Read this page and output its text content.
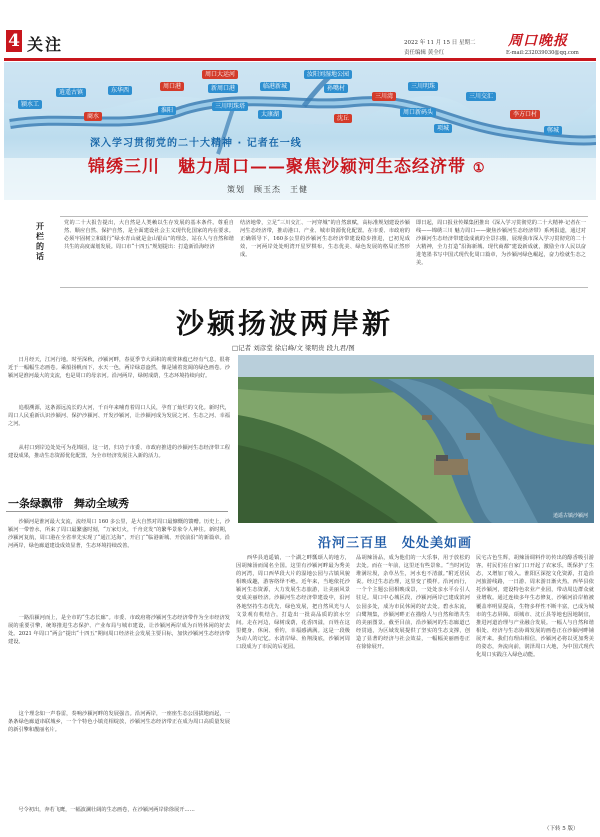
4 关注	2022 年 11 月 15 日 星期二
责任编辑 黄全红
周口晚报
E-mail:232039030@qq.com
周口大运河	汝阳刘湿地公园
逍遥古镇	东华西
周口港	新周口港	临港新城	孙嘴村
三川湾
三川明珠
三川交汇
三川明珠塔
颍水工
商水
淮阳
太康湖
沈丘
周口新码头	李方口村
项城	郸城
深入学习贯彻党的二十大精神 · 记者在一线
锦绣三川　魅力周口——聚焦沙颍河生态经济带 ①
策划　顾玉杰　王健
开栏的话
党的二十大报告提出，大自然是人类赖以生存发展的基本条件。尊重自然、顺应自然、保护自然，是全面建设社会主义现代化国家的内在要求。必须牢固树立和践行“绿水青山就是金山银山”的理念，站在人与自然和谐共生的高度谋划发展。周口市“十四五”规划提出：打造新沿海经济
结济地带，立足“三川交汇、一河穿城”的自然禀赋，高标准规划建设沙颍河生态经济带，推动港口、产业、城市资源优化配置。在市委、市政府的正确领导下，160多公里的沙颍河生态经济带建设稳步推进，已初见成效，一河两岸处处明湾开星罗棋布，生态优美、绿色发展的格局正然形成。
即日起，周口报业传媒集团推出《深入学习贯彻党的二十大精神·记者在一线——锦绣三川 魅力周口——聚焦沙颍河生态经济带》系列报道，通过对沙颍河生态经济带建设成就的全景扫描，展现我市深入学习贯彻党的二十大精神，全力打造“沿海新城、现代商都”建设新成就，激励全市人民以奋进笔墨书写中国式现代化周口篇章，为沙颍河绿色崛起，奋力绘就生态之美。
沙颍扬波两岸新
□记者 刘彦堂 徐启峰/文 梁明贵 段九君/图
　　日月经天，江河行地。时至深秋，沙颍河畔，春夏季节大面积的观赏林蕴已经有气息，很将近于一幅幅生态画卷。乘船扬帆而下，水天一色，两岸绿意盎然，像是铺着宽阔的绿色画卷。沙颍河是淮河最大的支流，也是周口的母亲河。沿河两岸，绿树成荫，生态环境持续向好。
　　追根溯源，这条源远流长的大河，千百年来哺育着周口人民，孕育了灿烂的文化。新时代，周口人民重新认识沙颍河、保护沙颍河、开发沙颍河，让沙颍河成为发展之河、生态之河、幸福之河。
　　从村口到岸边处处可为花锦园，这一切，归功于市委、市政府推进的沙颍河生态经济带工程建设成果，推动生态资源优化配置，为全市经济发展注入新的活力。
逍遥古镇沙颍河
沿河三百里　处处美如画
一条绿飘带　舞动全域秀
　　沙颍河是淮河最大支流，流经周口 160 多公里，是大自然对周口最慷慨的馈赠。历史上，沙颍河一带曾水，所来了周口最繁盛时刻，“万家灯火，千舟竞发”的繁华景象令人神往。新时期，沙颍河复航，周口港在全省率先实现了“通江达海”，开启了“临港新城、开放前沿”的新篇章。沿河两岸，绿色廊道建设成效显著，生态环境持续改善。
　　一路沿颍河而上，是全市的“生态长廊”。市委、市政府将沙颍河生态经济带作为全市经济发展的重要引擎，统筹推进生态保护、产业布局与城市建设，让沙颍河两岸成为百姓休闲的好去处。2021 年周口“两会”提出“十四五”期间周口经济社会发展主要目标，加快沙颍河生态经济带建设。
　　这个理念如一声春雷，奏响沙颍河畔的发展强音。沿河两岸，一座座生态公园拔地而起，一条条绿色廊道串联城乡，一个个特色小镇竞相绽放，沙颍河生态经济带正在成为周口高质量发展的新引擎和靓丽名片。
　　号令初出，奔若飞鹰，一幅波澜壮阔的生态画卷，在沙颍河两岸徐徐展开……
　　西华县逍遥镇，一个湖之畔瓢颂人的地方，因胡辣汤而闻名全国。这里有沙颍河畔最为秀美的河湾，周口西华段大片的湿地公园与古镇风貌相映成趣，游客络绎不绝。近年来，当地依托沙颍河生态资源，大力发展生态旅游，让美丽风景变成美丽经济。沙颍河生态经济带建设中，沿河各地坚持生态优先、绿色发展，把自然风光与人文景观有机结合，打造出一批高品质的滨水空间。走在河边，绿树成荫，花香四溢，百姓在这里健身、休闲、垂钓，幸福感满满。这是一段极为动人的记忆。水清岸绿、鱼翔浅底，沙颍河周口段成为了市民的后花园。
品胡辣汤品，成为他们的一大乐事，用于放松的去处。而在一年前，这里还有些景象。“当时河边堆满垃圾，杂草丛生，河水也不清澈。”附近居民说。经过生态治理，这里变了模样。沿河而行，一个个主题公园相映成景，一处处亲水平台引人驻足。周口中心城区段，沙颍河两岸已建成滨河公园多处，成为市民休闲的好去处。碧水东流，白鹭翔集，沙颍河畔正在描绘人与自然和谐共生的美丽图景。截至目前，沿沙颍河的生态廊道已经贯通，为区域发展提供了坚实的生态支撑，创造了显著的经济与社会效益，一幅幅美丽画卷正在徐徐展开。
民宅古色生辉，胡辣汤调料作坊传出的醇香吸引游客。村民们在自家门口开起了农家乐，既保护了生态，又增加了收入。淮阳区深挖文化资源，打造沿河旅游线路，一日游、周末游日渐火热。西华县依托沙颍河，建设特色农业产业园，带动周边群众就业增收。通过连续多年生态修复，沙颍河沿岸植被覆盖率明显提高，生物多样性不断丰富，已成为城市的生态屏障。项城市、沈丘县等地也因地制宜，推进河道治理与产业融合发展。一幅人与自然和谐相处、经济与生态协调发展的画卷正在沙颍河畔铺展开来。我们有理由相信，沙颍河必将以更加秀美的姿态，奔流向前，润泽周口大地，为中国式现代化周口实践注入绿色动能。
（下转 5 版）
